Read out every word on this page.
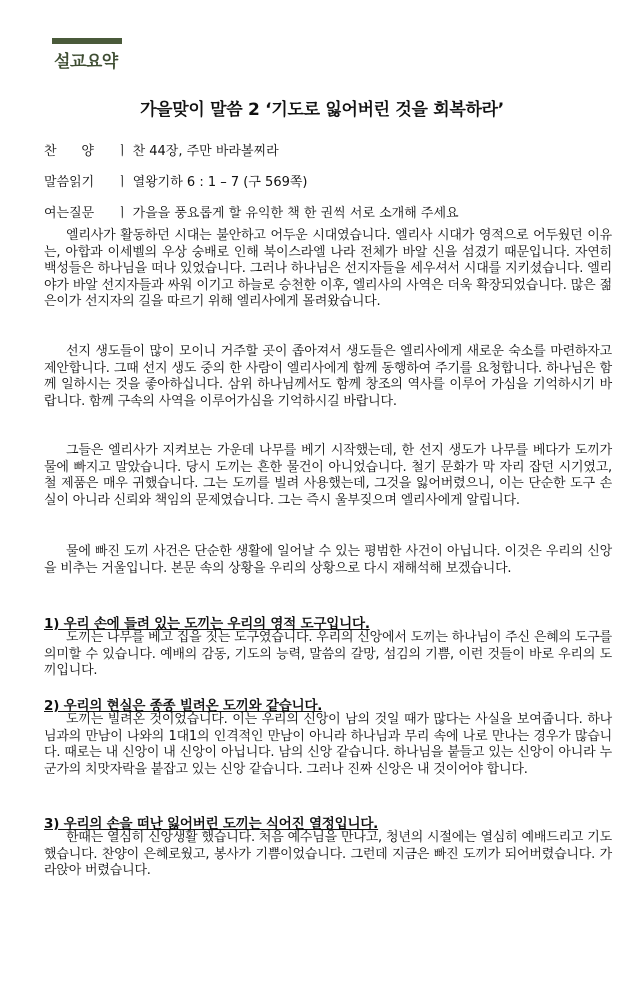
설교요약
가을맞이 말씀 2 ‘기도로 잃어버린 것을 회복하라’
찬      양 ㅣ 찬 44장, 주만 바라볼찌라
말씀읽기 ㅣ 열왕기하 6 : 1 – 7 (구 569쪽)
여는질문 ㅣ 가을을 풍요롭게 할 유익한 책 한 권씩 서로 소개해 주세요

엘리사가 활동하던 시대는 불안하고 어두운 시대였습니다. 엘리사 시대가 영적으로 어두웠던 이유는, 아합과 이세벨의 우상 숭배로 인해 북이스라엘 나라 전체가 바알 신을 섬겼기 때문입니다. 자연히 백성들은 하나님을 떠나 있었습니다. 그러나 하나님은 선지자들을 세우셔서 시대를 지키셨습니다. 엘리야가 바알 선지자들과 싸워 이기고 하늘로 승천한 이후, 엘리사의 사역은 더욱 확장되었습니다. 많은 젊은이가 선지자의 길을 따르기 위해 엘리사에게 몰려왔습니다.

선지 생도들이 많이 모이니 거주할 곳이 좁아져서 생도들은 엘리사에게 새로운 숙소를 마련하자고 제안합니다. 그때 선지 생도 중의 한 사람이 엘리사에게 함께 동행하여 주기를 요청합니다. 하나님은 함께 일하시는 것을 좋아하십니다. 삼위 하나님께서도 함께 창조의 역사를 이루어 가심을 기억하시기 바랍니다. 함께 구속의 사역을 이루어가심을 기억하시길 바랍니다.

그들은 엘리사가 지켜보는 가운데 나무를 베기 시작했는데, 한 선지 생도가 나무를 베다가 도끼가 물에 빠지고 말았습니다. 당시 도끼는 흔한 물건이 아니었습니다. 철기 문화가 막 자리 잡던 시기였고, 철 제품은 매우 귀했습니다. 그는 도끼를 빌려 사용했는데, 그것을 잃어버렸으니, 이는 단순한 도구 손실이 아니라 신뢰와 책임의 문제였습니다. 그는 즉시 울부짖으며 엘리사에게 알립니다.

물에 빠진 도끼 사건은 단순한 생활에 일어날 수 있는 평범한 사건이 아닙니다. 이것은 우리의 신앙을 비추는 거울입니다. 본문 속의 상황을 우리의 상황으로 다시 재해석해 보겠습니다.

1) 우리 손에 들려 있는 도끼는 우리의 영적 도구입니다.

도끼는 나무를 베고 집을 짓는 도구였습니다. 우리의 신앙에서 도끼는 하나님이 주신 은혜의 도구를 의미할 수 있습니다. 예배의 감동, 기도의 능력, 말씀의 갈망, 섬김의 기쁨, 이런 것들이 바로 우리의 도끼입니다.

2) 우리의 현실은 종종 빌려온 도끼와 같습니다.

도끼는 빌려온 것이었습니다. 이는 우리의 신앙이 남의 것일 때가 많다는 사실을 보여줍니다. 하나님과의 만남이 나와의 1대1의 인격적인 만남이 아니라 하나님과 무리 속에 나로 만나는 경우가 많습니다. 때로는 내 신앙이 내 신앙이 아닙니다. 남의 신앙 같습니다. 하나님을 붙들고 있는 신앙이 아니라 누군가의 치맛자락을 붙잡고 있는 신앙 같습니다. 그러나 진짜 신앙은 내 것이어야 합니다.

3) 우리의 손을 떠난 잃어버린 도끼는 식어진 열정입니다.

한때는 열심히 신앙생활 했습니다. 처음 예수님을 만나고, 청년의 시절에는 열심히 예배드리고 기도했습니다. 찬양이 은혜로웠고, 봉사가 기쁨이었습니다. 그런데 지금은 빠진 도끼가 되어버렸습니다. 가라앉아 버렸습니다.
